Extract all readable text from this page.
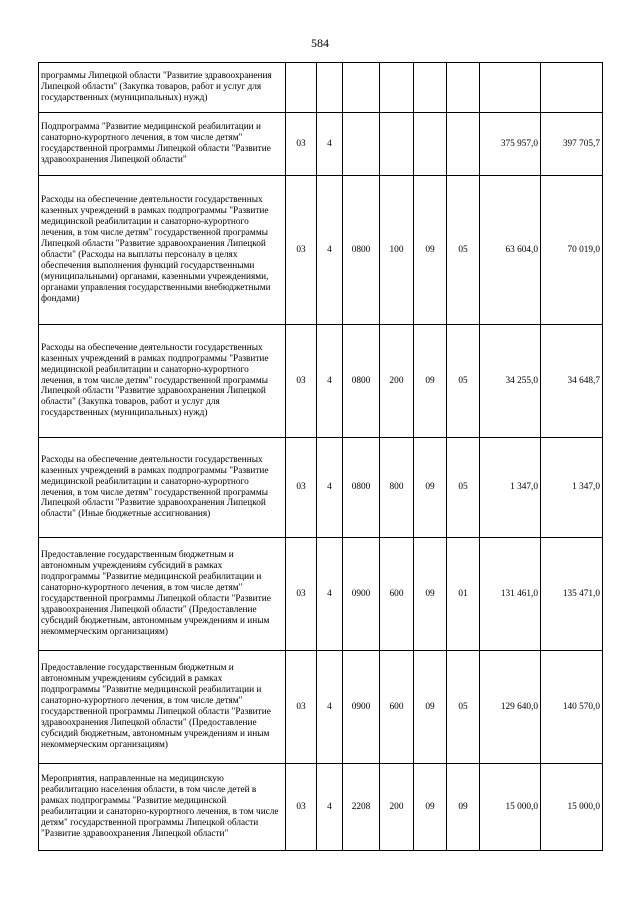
584
программы Липецкой области "Развитие здравоохранения Липецкой области" (Закупка товаров, работ и услуг для государственных (муниципальных) нужд)								
Подпрограмма "Развитие медицинской реабилитации и санаторно-курортного лечения, в том числе детям" государственной программы Липецкой области "Развитие здравоохранения Липецкой области"	03	4					375 957,0	397 705,7
Расходы на обеспечение деятельности государственных казенных учреждений в рамках подпрограммы "Развитие медицинской реабилитации и санаторно-курортного лечения, в том числе детям" государственной программы Липецкой области "Развитие здравоохранения Липецкой области" (Расходы на выплаты персоналу в целях обеспечения выполнения функций государственными (муниципальными) органами, казенными учреждениями, органами управления государственными внебюджетными фондами)	03	4	0800	100	09	05	63 604,0	70 019,0
Расходы на обеспечение деятельности государственных казенных учреждений в рамках подпрограммы "Развитие медицинской реабилитации и санаторно-курортного лечения, в том числе детям" государственной программы Липецкой области "Развитие здравоохранения Липецкой области" (Закупка товаров, работ и услуг для государственных (муниципальных) нужд)	03	4	0800	200	09	05	34 255,0	34 648,7
Расходы на обеспечение деятельности государственных казенных учреждений в рамках подпрограммы "Развитие медицинской реабилитации и санаторно-курортного лечения, в том числе детям" государственной программы Липецкой области "Развитие здравоохранения Липецкой области" (Иные бюджетные ассигнования)	03	4	0800	800	09	05	1 347,0	1 347,0
Предоставление государственным бюджетным и автономным учреждениям субсидий в рамках подпрограммы "Развитие медицинской реабилитации и санаторно-курортного лечения, в том числе детям" государственной программы Липецкой области "Развитие здравоохранения Липецкой области" (Предоставление субсидий бюджетным, автономным учреждениям и иным некоммерческим организациям)	03	4	0900	600	09	01	131 461,0	135 471,0
Предоставление государственным бюджетным и автономным учреждениям субсидий в рамках подпрограммы "Развитие медицинской реабилитации и санаторно-курортного лечения, в том числе детям" государственной программы Липецкой области "Развитие здравоохранения Липецкой области" (Предоставление субсидий бюджетным, автономным учреждениям и иным некоммерческим организациям)	03	4	0900	600	09	05	129 640,0	140 570,0
Мероприятия, направленные на медицинскую реабилитацию населения области, в том числе детей в рамках подпрограммы "Развитие медицинской реабилитации и санаторно-курортного лечения, в том числе детям" государственной программы Липецкой области "Развитие здравоохранения Липецкой области"	03	4	2208	200	09	09	15 000,0	15 000,0
